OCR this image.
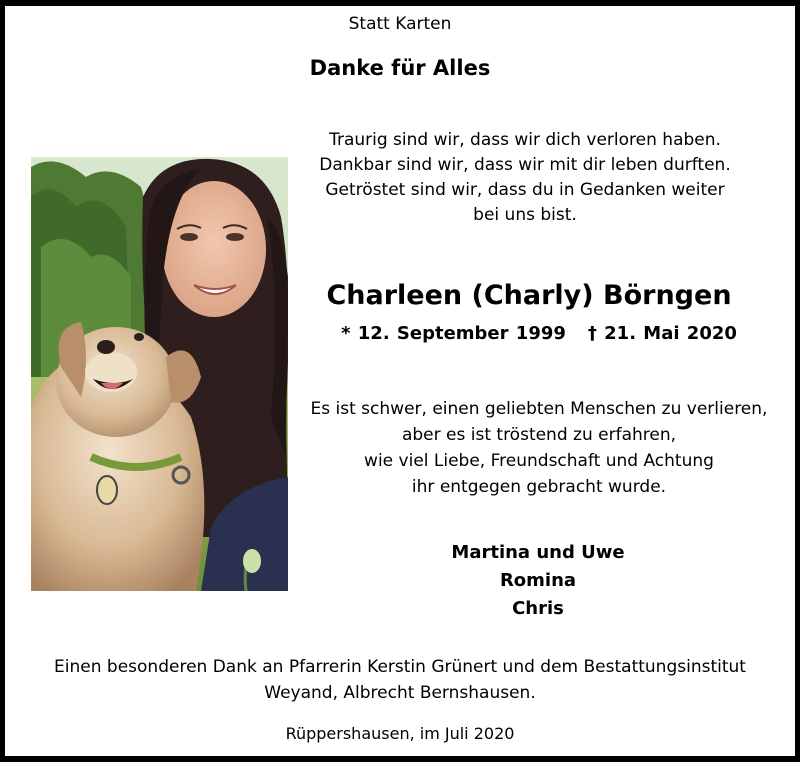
Statt Karten
Danke für Alles
Traurig sind wir, dass wir dich verloren haben.
Dankbar sind wir, dass wir mit dir leben durften.
Getröstet sind wir, dass du in Gedanken weiter
bei uns bist.
Charleen (Charly) Börngen
* 12. September 1999 † 21. Mai 2020
Es ist schwer, einen geliebten Menschen zu verlieren,
aber es ist tröstend zu erfahren,
wie viel Liebe, Freundschaft und Achtung
ihr entgegen gebracht wurde.
Martina und Uwe
Romina
Chris
Einen besonderen Dank an Pfarrerin Kerstin Grünert und dem Bestattungsinstitut
Weyand, Albrecht Bernshausen.
Rüppershausen, im Juli 2020
